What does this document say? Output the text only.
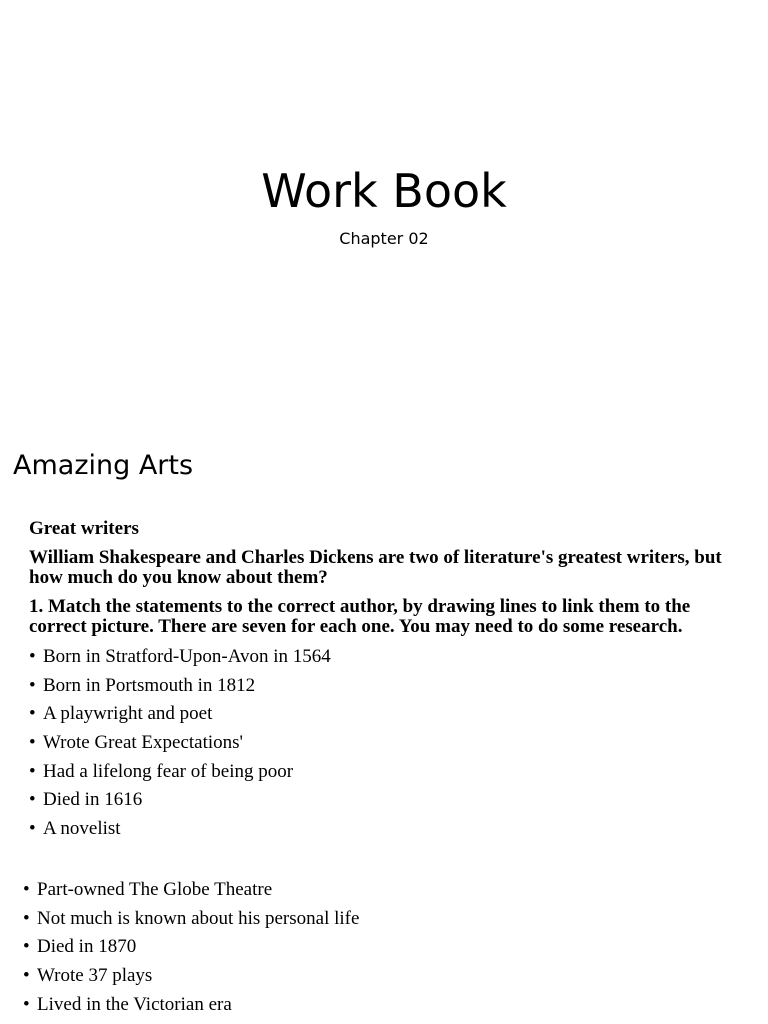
Work Book
Chapter 02
Amazing Arts

Great writers

William Shakespeare and Charles Dickens are two of literature's greatest writers, but how much do you know about them?

1. Match the statements to the correct author, by drawing lines to link them to the correct picture. There are seven for each one. You may need to do some research.

• Born in Stratford-Upon-Avon in 1564
• Born in Portsmouth in 1812
• A playwright and poet
• Wrote Great Expectations'
• Had a lifelong fear of being poor
• Died in 1616
• A novelist
• Part-owned The Globe Theatre
• Not much is known about his personal life
• Died in 1870
• Wrote 37 plays
• Lived in the Victorian era
